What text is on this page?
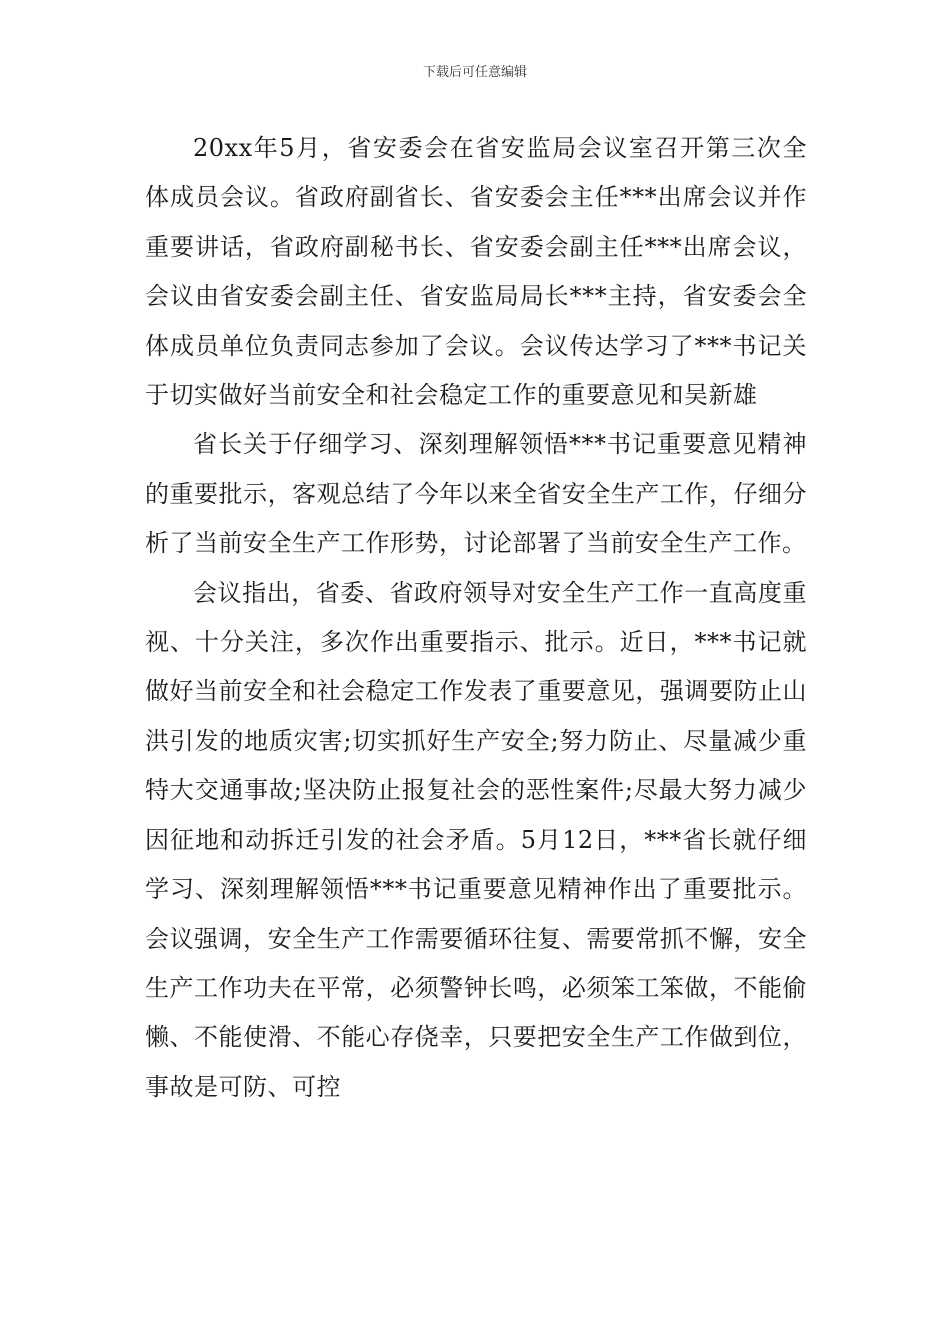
下载后可任意编辑

20xx年5月，省安委会在省安监局会议室召开第三次全体成员会议。省政府副省长、省安委会主任***出席会议并作重要讲话，省政府副秘书长、省安委会副主任***出席会议，会议由省安委会副主任、省安监局局长***主持，省安委会全体成员单位负责同志参加了会议。会议传达学习了***书记关于切实做好当前安全和社会稳定工作的重要意见和吴新雄

省长关于仔细学习、深刻理解领悟***书记重要意见精神的重要批示，客观总结了今年以来全省安全生产工作，仔细分析了当前安全生产工作形势，讨论部署了当前安全生产工作。

会议指出，省委、省政府领导对安全生产工作一直高度重视、十分关注，多次作出重要指示、批示。近日，***书记就做好当前安全和社会稳定工作发表了重要意见，强调要防止山洪引发的地质灾害;切实抓好生产安全;努力防止、尽量减少重特大交通事故;坚决防止报复社会的恶性案件;尽最大努力减少因征地和动拆迁引发的社会矛盾。5月12日，***省长就仔细学习、深刻理解领悟***书记重要意见精神作出了重要批示。会议强调，安全生产工作需要循环往复、需要常抓不懈，安全生产工作功夫在平常，必须警钟长鸣，必须笨工笨做，不能偷懒、不能使滑、不能心存侥幸，只要把安全生产工作做到位，事故是可防、可控
